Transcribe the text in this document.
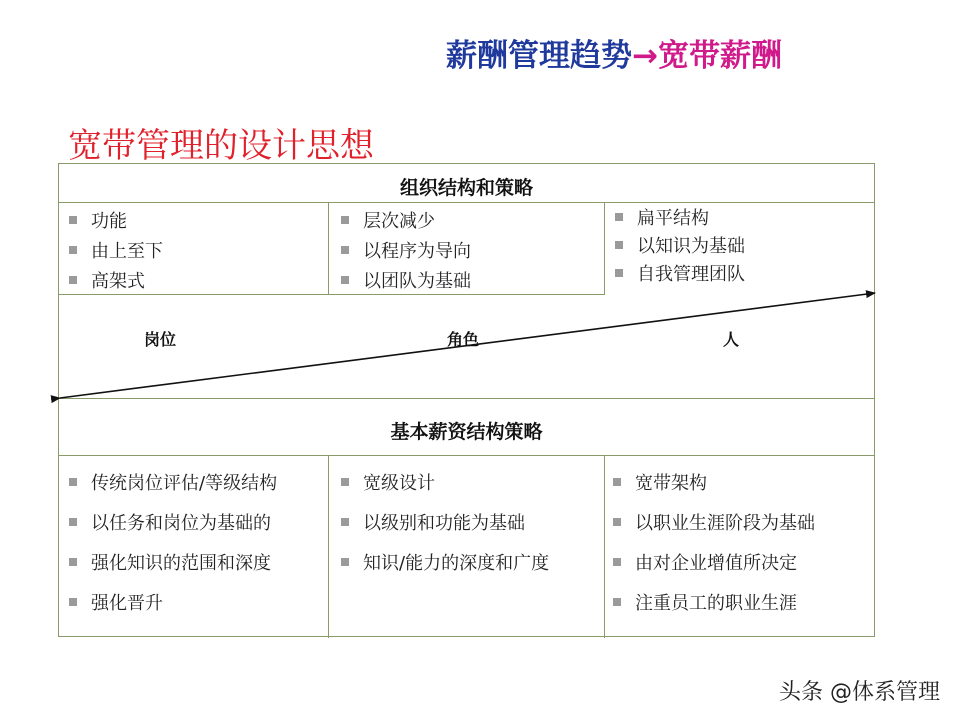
薪酬管理趋势→宽带薪酬
宽带管理的设计思想
组织结构和策略
功能
由上至下
高架式
层次减少
以程序为导向
以团队为基础
扁平结构
以知识为基础
自我管理团队
岗位	角色	人
基本薪资结构策略
传统岗位评估/等级结构
以任务和岗位为基础的
强化知识的范围和深度
强化晋升
宽级设计
以级别和功能为基础
知识/能力的深度和广度
宽带架构
以职业生涯阶段为基础
由对企业增值所决定
注重员工的职业生涯
头条 @体系管理
